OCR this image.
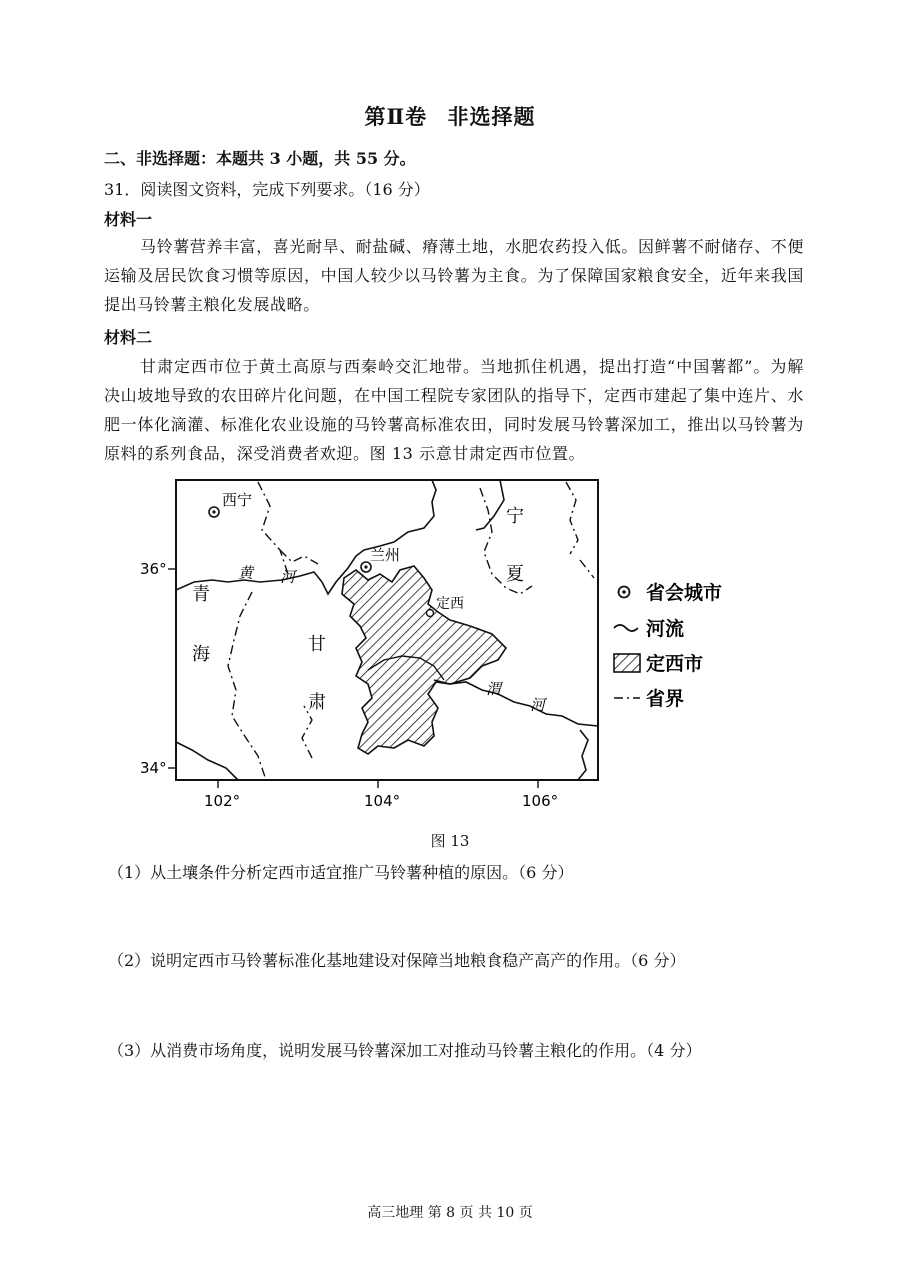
第Ⅱ卷 非选择题
二、非选择题：本题共 3 小题，共 55 分。
31．阅读图文资料，完成下列要求。（16 分）
材料一
马铃薯营养丰富，喜光耐旱、耐盐碱、瘠薄土地，水肥农药投入低。因鲜薯不耐储存、不便运输及居民饮食习惯等原因，中国人较少以马铃薯为主食。为了保障国家粮食安全，近年来我国提出马铃薯主粮化发展战略。
材料二
甘肃定西市位于黄土高原与西秦岭交汇地带。当地抓住机遇，提出打造“中国薯都”。为解决山坡地导致的农田碎片化问题，在中国工程院专家团队的指导下，定西市建起了集中连片、水肥一体化滴灌、标准化农业设施的马铃薯高标准农田，同时发展马铃薯深加工，推出以马铃薯为原料的系列食品，深受消费者欢迎。图 13 示意甘肃定西市位置。
36°
34°
102°	104°	106°
西宁
兰州
定西
青
海	甘
肃
宁
夏
黄 河
渭
河
省会城市
河流
定西市
省界
图 13
（1）从土壤条件分析定西市适宜推广马铃薯种植的原因。（6 分）
（2）说明定西市马铃薯标准化基地建设对保障当地粮食稳产高产的作用。（6 分）
（3）从消费市场角度，说明发展马铃薯深加工对推动马铃薯主粮化的作用。（4 分）
高三地理 第 8 页 共 10 页
